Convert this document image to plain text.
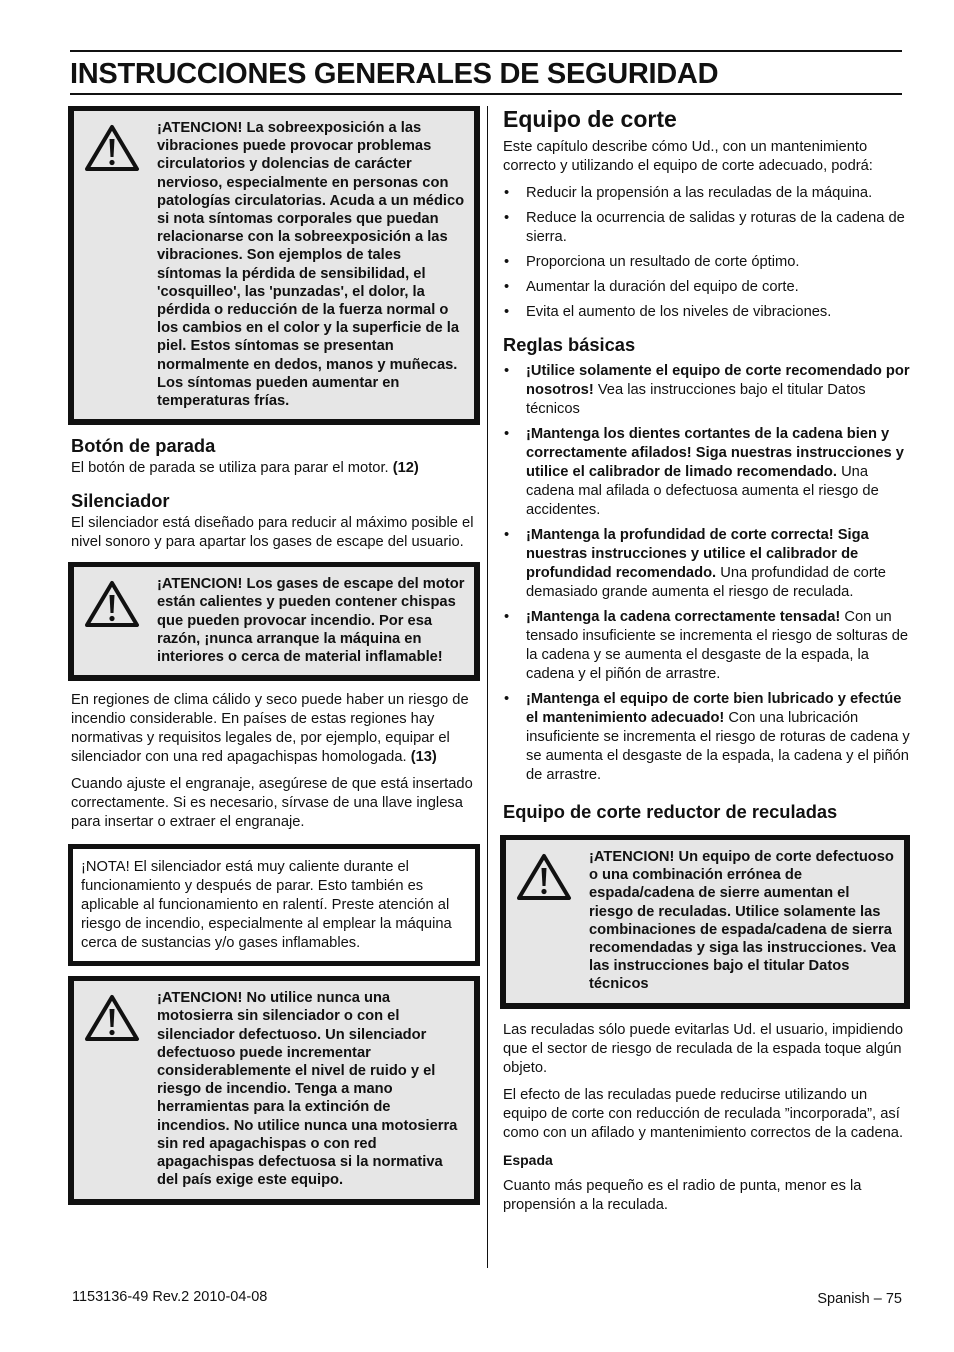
INSTRUCCIONES GENERALES DE SEGURIDAD

¡ATENCION! La sobreexposición a las vibraciones puede provocar problemas circulatorios y dolencias de carácter nervioso, especialmente en personas con patologías circulatorias. Acuda a un médico si nota síntomas corporales que puedan relacionarse con la sobreexposición a las vibraciones. Son ejemplos de tales síntomas la pérdida de sensibilidad, el 'cosquilleo', las 'punzadas', el dolor, la pérdida o reducción de la fuerza normal o los cambios en el color y la superficie de la piel. Estos síntomas se presentan normalmente en dedos, manos y muñecas. Los síntomas pueden aumentar en temperaturas frías.

Botón de parada

El botón de parada se utiliza para parar el motor. (12)

Silenciador

El silenciador está diseñado para reducir al máximo posible el nivel sonoro y para apartar los gases de escape del usuario.

¡ATENCION! Los gases de escape del motor están calientes y pueden contener chispas que pueden provocar incendio. Por esa razón, ¡nunca arranque la máquina en interiores o cerca de material inflamable!

En regiones de clima cálido y seco puede haber un riesgo de incendio considerable. En países de estas regiones hay normativas y requisitos legales de, por ejemplo, equipar el silenciador con una red apagachispas homologada. (13)

Cuando ajuste el engranaje, asegúrese de que está insertado correctamente. Si es necesario, sírvase de una llave inglesa para insertar o extraer el engranaje.

¡NOTA! El silenciador está muy caliente durante el funcionamiento y después de parar. Esto también es aplicable al funcionamiento en ralentí. Preste atención al riesgo de incendio, especialmente al emplear la máquina cerca de sustancias y/o gases inflamables.

¡ATENCION! No utilice nunca una motosierra sin silenciador o con el silenciador defectuoso. Un silenciador defectuoso puede incrementar considerablemente el nivel de ruido y el riesgo de incendio. Tenga a mano herramientas para la extinción de incendios. No utilice nunca una motosierra sin red apagachispas o con red apagachispas defectuosa si la normativa del país exige este equipo.

Equipo de corte

Este capítulo describe cómo Ud., con un mantenimiento correcto y utilizando el equipo de corte adecuado, podrá:

• Reducir la propensión a las reculadas de la máquina.
• Reduce la ocurrencia de salidas y roturas de la cadena de sierra.
• Proporciona un resultado de corte óptimo.
• Aumentar la duración del equipo de corte.
• Evita el aumento de los niveles de vibraciones.
Reglas básicas
• ¡Utilice solamente el equipo de corte recomendado por nosotros! Vea las instrucciones bajo el titular Datos técnicos
• ¡Mantenga los dientes cortantes de la cadena bien y correctamente afilados! Siga nuestras instrucciones y utilice el calibrador de limado recomendado. Una cadena mal afilada o defectuosa aumenta el riesgo de accidentes.
• ¡Mantenga la profundidad de corte correcta! Siga nuestras instrucciones y utilice el calibrador de profundidad recomendado. Una profundidad de corte demasiado grande aumenta el riesgo de reculada.
• ¡Mantenga la cadena correctamente tensada! Con un tensado insuficiente se incrementa el riesgo de solturas de la cadena y se aumenta el desgaste de la espada, la cadena y el piñón de arrastre.
• ¡Mantenga el equipo de corte bien lubricado y efectúe el mantenimiento adecuado! Con una lubricación insuficiente se incrementa el riesgo de roturas de cadena y se aumenta el desgaste de la espada, la cadena y el piñón de arrastre.
Equipo de corte reductor de reculadas

¡ATENCION! Un equipo de corte defectuoso o una combinación errónea de espada/cadena de sierre aumentan el riesgo de reculadas. Utilice solamente las combinaciones de espada/cadena de sierra recomendadas y siga las instrucciones. Vea las instrucciones bajo el titular Datos técnicos

Las reculadas sólo puede evitarlas Ud. el usuario, impidiendo que el sector de riesgo de reculada de la espada toque algún objeto.

El efecto de las reculadas puede reducirse utilizando un equipo de corte con reducción de reculada ”incorporada”, así como con un afilado y mantenimiento correctos de la cadena.

Espada

Cuanto más pequeño es el radio de punta, menor es la propensión a la reculada.

1153136-49 Rev.2 2010-04-08	Spanish – 75
